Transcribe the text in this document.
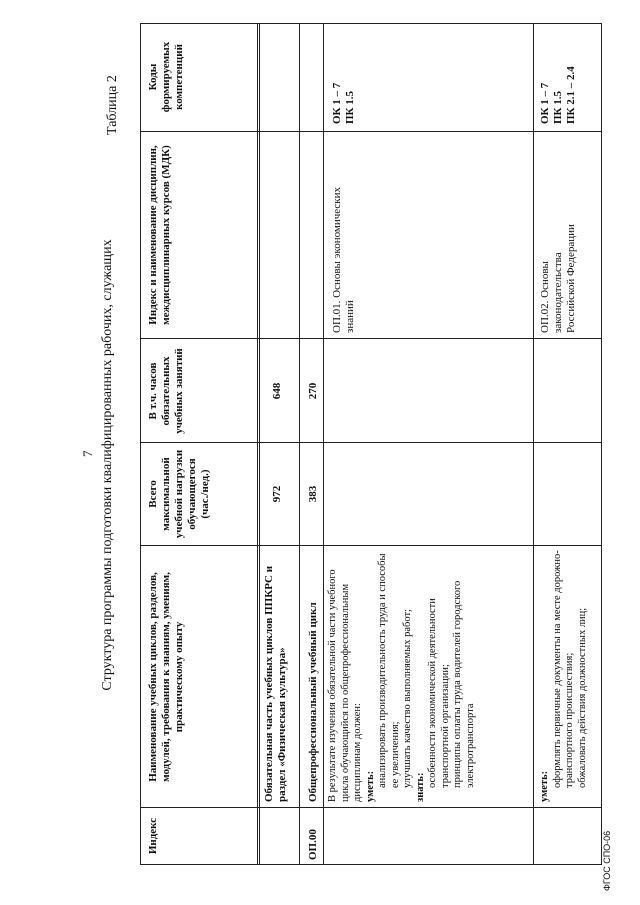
7 Структура программы подготовки квалифицированных рабочих, служащих
Таблица 2
Индекс
Наименование учебных циклов, разделов, модулей, требования к знаниям, умениям, практическому опыту
Всего максимальной учебной нагрузки обучающегося (час./нед.)
В т.ч. часов обязательных учебных занятий
Индекс и наименование дисциплин, междисциплинарных курсов (МДК)
Коды формируемых компетенций
Обязательная часть учебных циклов ППКРС и раздел «Физическая культура»
972
648
ОП.00
Общепрофессиональный учебный цикл
383
270
В результате изучения обязательной части учебного цикла обучающийся по общепрофессиональным дисциплинам должен: уметь: анализировать производительность труда и способы ее увеличения; улучшать качество выполняемых работ; знать: особенности экономической деятельности транспортной организации; принципы оплаты труда водителей городского электротранспорта
ОП.01. Основы экономических знаний
ОК 1 – 7 ПК 1.5
уметь: оформлять первичные документы на месте дорожно-транспортного происшествия; обжаловать действия должностных лиц;
ОП.02. Основы законодательства Российской Федерации
ОК 1 – 7 ПК 1.5 ПК 2.1 – 2.4
ФГОС СПО-06
